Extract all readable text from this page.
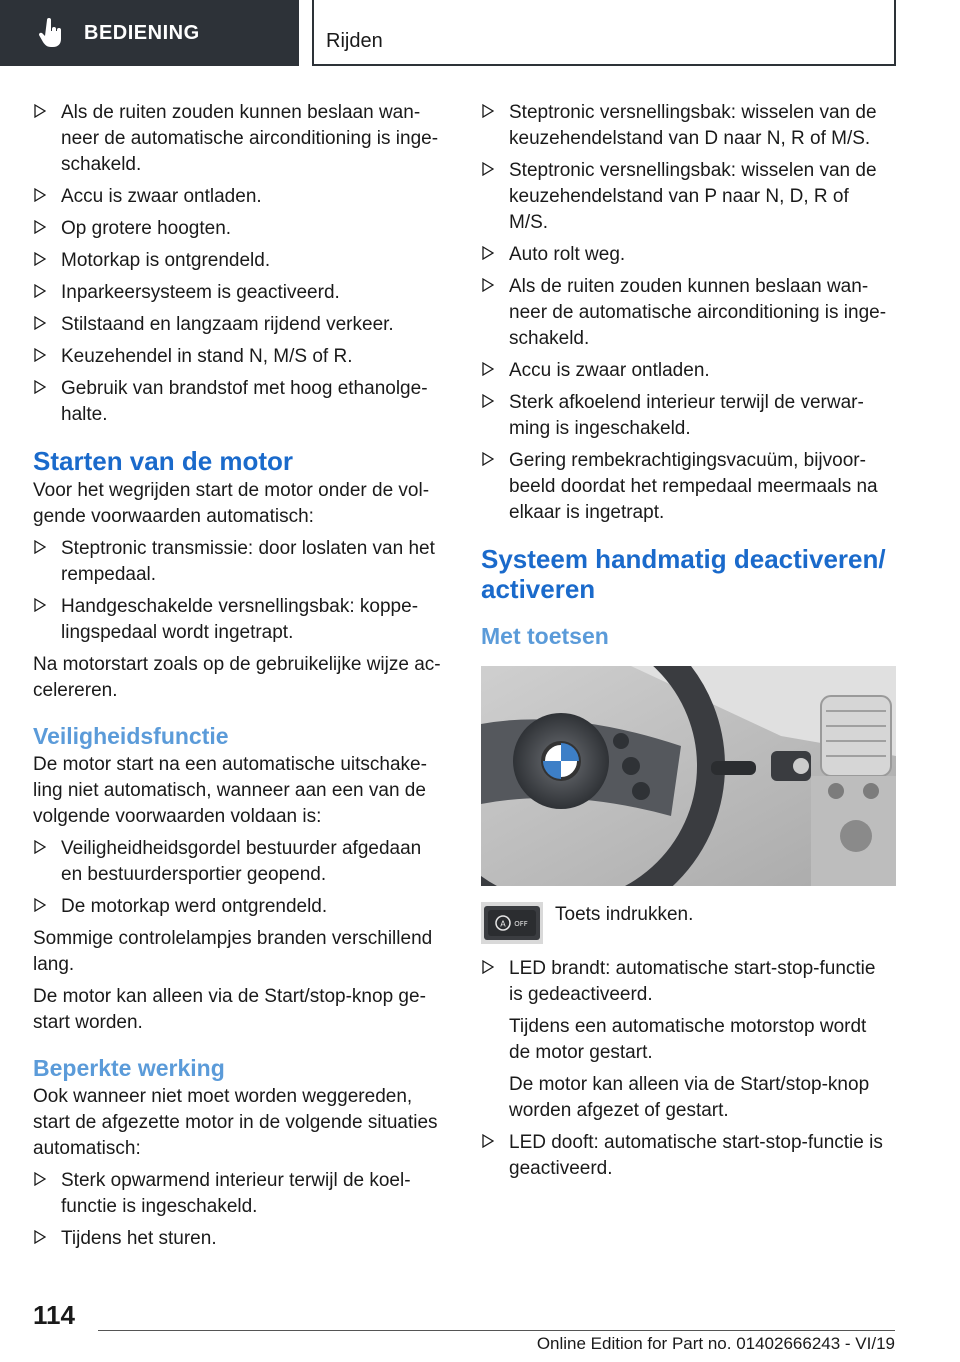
BEDIENING	Rijden
Als de ruiten zouden kunnen beslaan wanneer de automatische airconditioning is ingeschakeld.
Accu is zwaar ontladen.
Op grotere hoogten.
Motorkap is ontgrendeld.
Inparkeersysteem is geactiveerd.
Stilstaand en langzaam rijdend verkeer.
Keuzehendel in stand N, M/S of R.
Gebruik van brandstof met hoog ethanolgehalte.
Starten van de motor

Voor het wegrijden start de motor onder de volgende voorwaarden automatisch:

Steptronic transmissie: door loslaten van het rempedaal.
Handgeschakelde versnellingsbak: koppelingspedaal wordt ingetrapt.

Na motorstart zoals op de gebruikelijke wijze accelereren.

Veiligheidsfunctie

De motor start na een automatische uitschakeling niet automatisch, wanneer aan een van de volgende voorwaarden voldaan is:

Veiligheidheidsgordel bestuurder afgedaan en bestuurdersportier geopend.
De motorkap werd ontgrendeld.

Sommige controlelampjes branden verschillend lang.

De motor kan alleen via de Start/stop-knop gestart worden.

Beperkte werking

Ook wanneer niet moet worden weggereden, start de afgezette motor in de volgende situaties automatisch:

Sterk opwarmend interieur terwijl de koelfunctie is ingeschakeld.
Tijdens het sturen.
Steptronic versnellingsbak: wisselen van de keuzehendelstand van D naar N, R of M/S.
Steptronic versnellingsbak: wisselen van de keuzehendelstand van P naar N, D, R of M/S.
Auto rolt weg.
Als de ruiten zouden kunnen beslaan wanneer de automatische airconditioning is ingeschakeld.
Accu is zwaar ontladen.
Sterk afkoelend interieur terwijl de verwarming is ingeschakeld.
Gering rembekrachtigingsvacuüm, bijvoorbeeld doordat het rempedaal meermaals na elkaar is ingetrapt.
Systeem handmatig deactiveren/ activeren
Met toetsen
A OFF Toets indrukken.
LED brandt: automatische start-stop-functie is gedeactiveerd.
Tijdens een automatische motorstop wordt de motor gestart.
De motor kan alleen via de Start/stop-knop worden afgezet of gestart.
LED dooft: automatische start-stop-functie is geactiveerd.
114
Online Edition for Part no. 01402666243 - VI/19
